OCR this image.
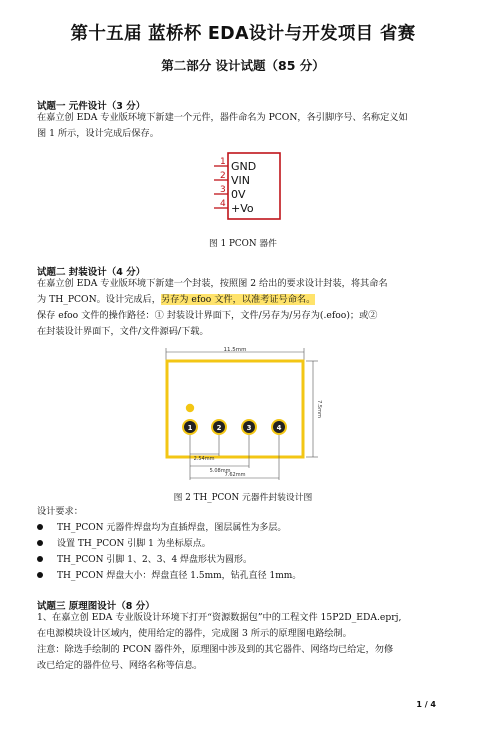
第十五届 蓝桥杯 EDA设计与开发项目 省赛
第二部分 设计试题（85 分）
试题一 元件设计（3 分）
在嘉立创 EDA 专业版环境下新建一个元件，器件命名为 PCON，各引脚序号、名称定义如
图 1 所示，设计完成后保存。
1
2
3
4
GND
VIN
0V
+Vo
图 1 PCON 器件
试题二 封装设计（4 分）
在嘉立创 EDA 专业版环境下新建一个封装，按照图 2 给出的要求设计封装，将其命名
为 TH_PCON。设计完成后，另存为 efoo 文件，以准考证号命名。
保存 efoo 文件的操作路径：① 封装设计界面下，文件/另存为/另存为(.efoo)；或②
在封装设计界面下，文件/文件源码/下载。
11.5mm
7.5mm
1	2	3	4
2.54mm
5.08mm
7.62mm
图 2 TH_PCON 元器件封装设计图
设计要求：
TH_PCON 元器件焊盘均为直插焊盘，图层属性为多层。
设置 TH_PCON 引脚 1 为坐标原点。
TH_PCON 引脚 1、2、3、4 焊盘形状为圆形。
TH_PCON 焊盘大小：焊盘直径 1.5mm，钻孔直径 1mm。
试题三 原理图设计（8 分）
1、在嘉立创 EDA 专业版设计环境下打开“资源数据包”中的工程文件 15P2D_EDA.eprj,
在电源模块设计区域内，使用给定的器件，完成图 3 所示的原理图电路绘制。
注意：除选手绘制的 PCON 器件外，原理图中涉及到的其它器件、网络均已给定，勿修
改已给定的器件位号、网络名称等信息。
1 / 4
